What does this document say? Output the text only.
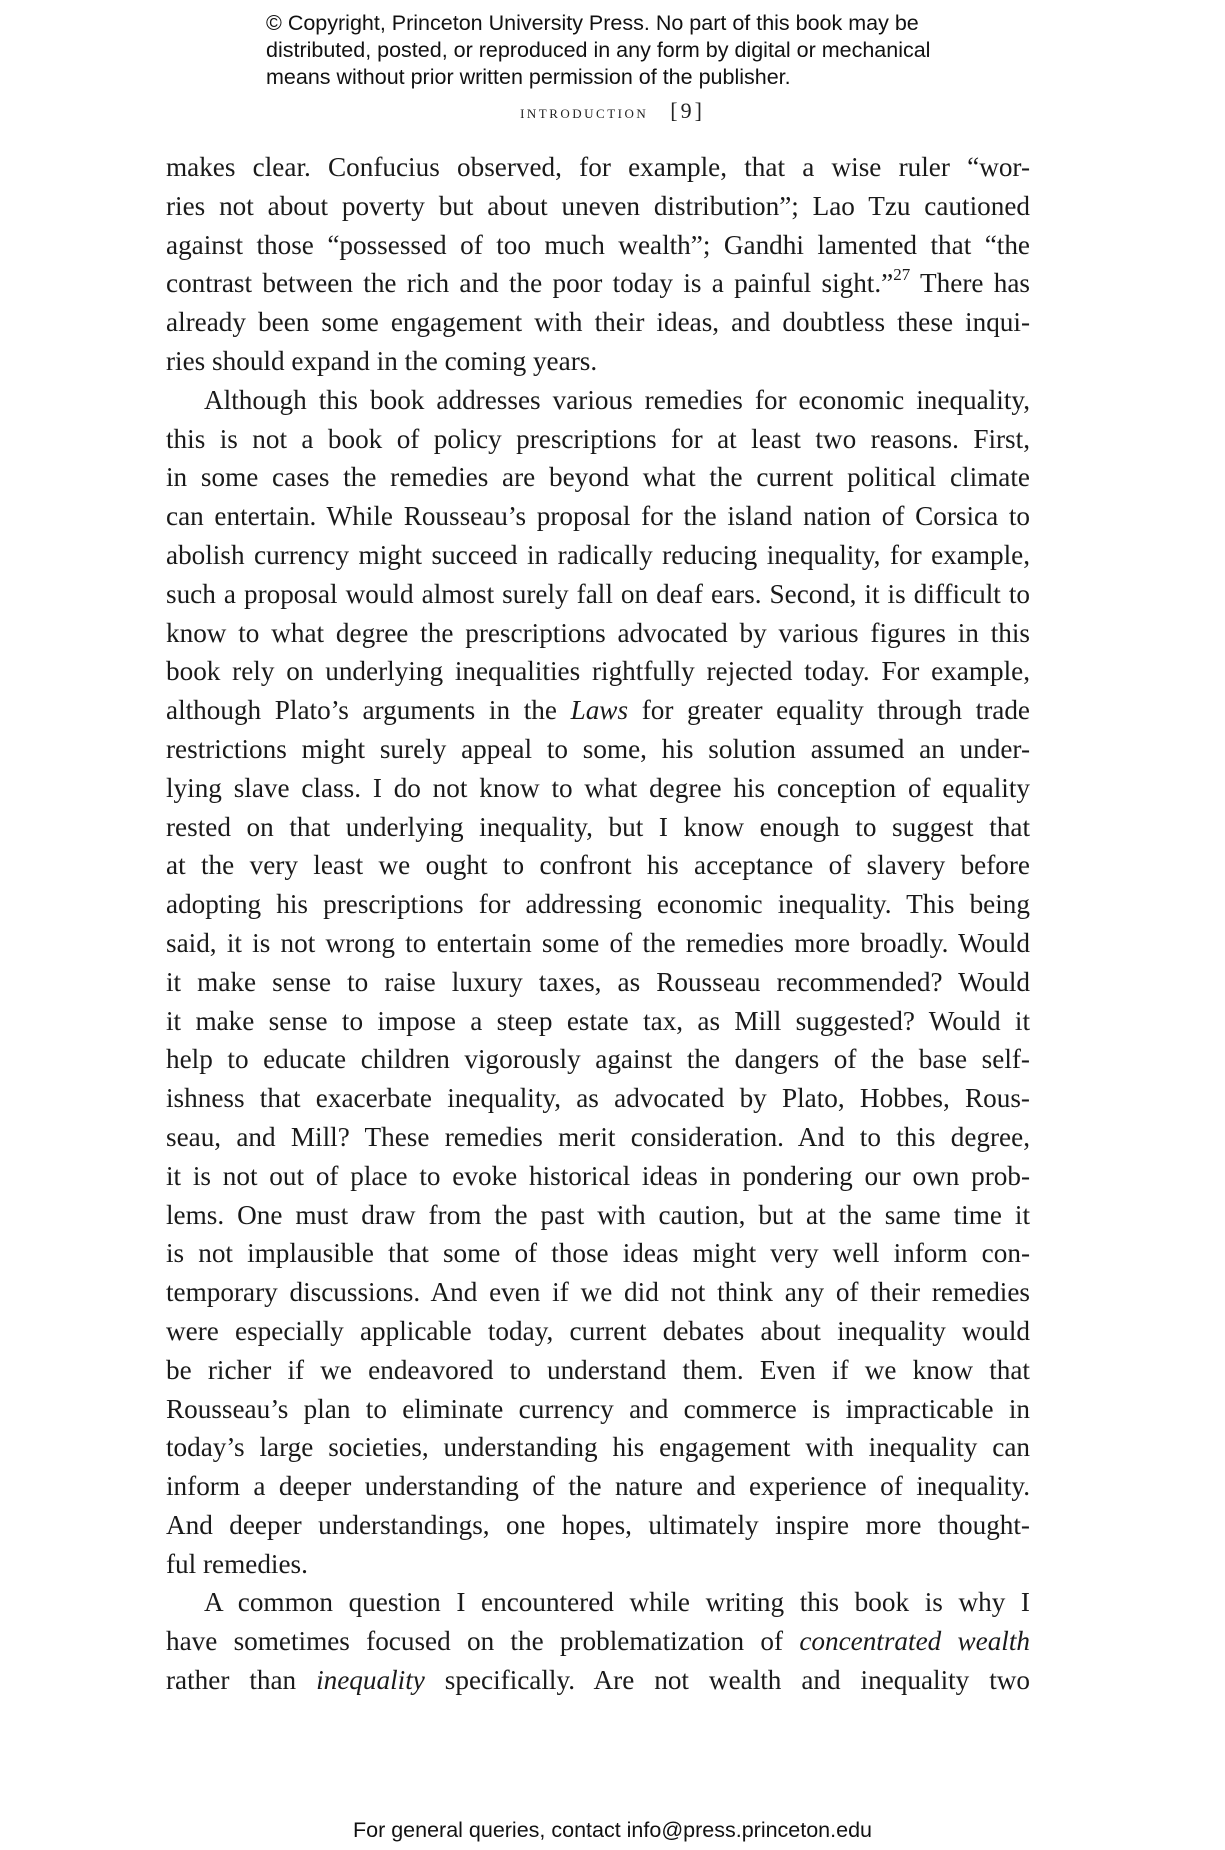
© Copyright, Princeton University Press. No part of this book may be
distributed, posted, or reproduced in any form by digital or mechanical
means without prior written permission of the publisher.
introduction [9]
makes clear. Confucius observed, for example, that a wise ruler “wor-
ries not about poverty but about uneven distribution”; Lao Tzu cautioned
against those “possessed of too much wealth”; Gandhi lamented that “the
contrast between the rich and the poor today is a painful sight.”$^{27}$ There has
already been some engagement with their ideas, and doubtless these inqui-
ries should expand in the coming years.
Although this book addresses various remedies for economic inequality,
this is not a book of policy prescriptions for at least two reasons. First,
in some cases the remedies are beyond what the current political climate
can entertain. While Rousseau’s proposal for the island nation of Corsica to
abolish currency might succeed in radically reducing inequality, for example,
such a proposal would almost surely fall on deaf ears. Second, it is difficult to
know to what degree the prescriptions advocated by various figures in this
book rely on underlying inequalities rightfully rejected today. For example,
although Plato’s arguments in the Laws for greater equality through trade
restrictions might surely appeal to some, his solution assumed an under-
lying slave class. I do not know to what degree his conception of equality
rested on that underlying inequality, but I know enough to suggest that
at the very least we ought to confront his acceptance of slavery before
adopting his prescriptions for addressing economic inequality. This being
said, it is not wrong to entertain some of the remedies more broadly. Would
it make sense to raise luxury taxes, as Rousseau recommended? Would
it make sense to impose a steep estate tax, as Mill suggested? Would it
help to educate children vigorously against the dangers of the base self-
ishness that exacerbate inequality, as advocated by Plato, Hobbes, Rous-
seau, and Mill? These remedies merit consideration. And to this degree,
it is not out of place to evoke historical ideas in pondering our own prob-
lems. One must draw from the past with caution, but at the same time it
is not implausible that some of those ideas might very well inform con-
temporary discussions. And even if we did not think any of their remedies
were especially applicable today, current debates about inequality would
be richer if we endeavored to understand them. Even if we know that
Rousseau’s plan to eliminate currency and commerce is impracticable in
today’s large societies, understanding his engagement with inequality can
inform a deeper understanding of the nature and experience of inequality.
And deeper understandings, one hopes, ultimately inspire more thought-
ful remedies.
A common question I encountered while writing this book is why I
have sometimes focused on the problematization of concentrated wealth
rather than inequality specifically. Are not wealth and inequality two
For general queries, contact info@press.princeton.edu
